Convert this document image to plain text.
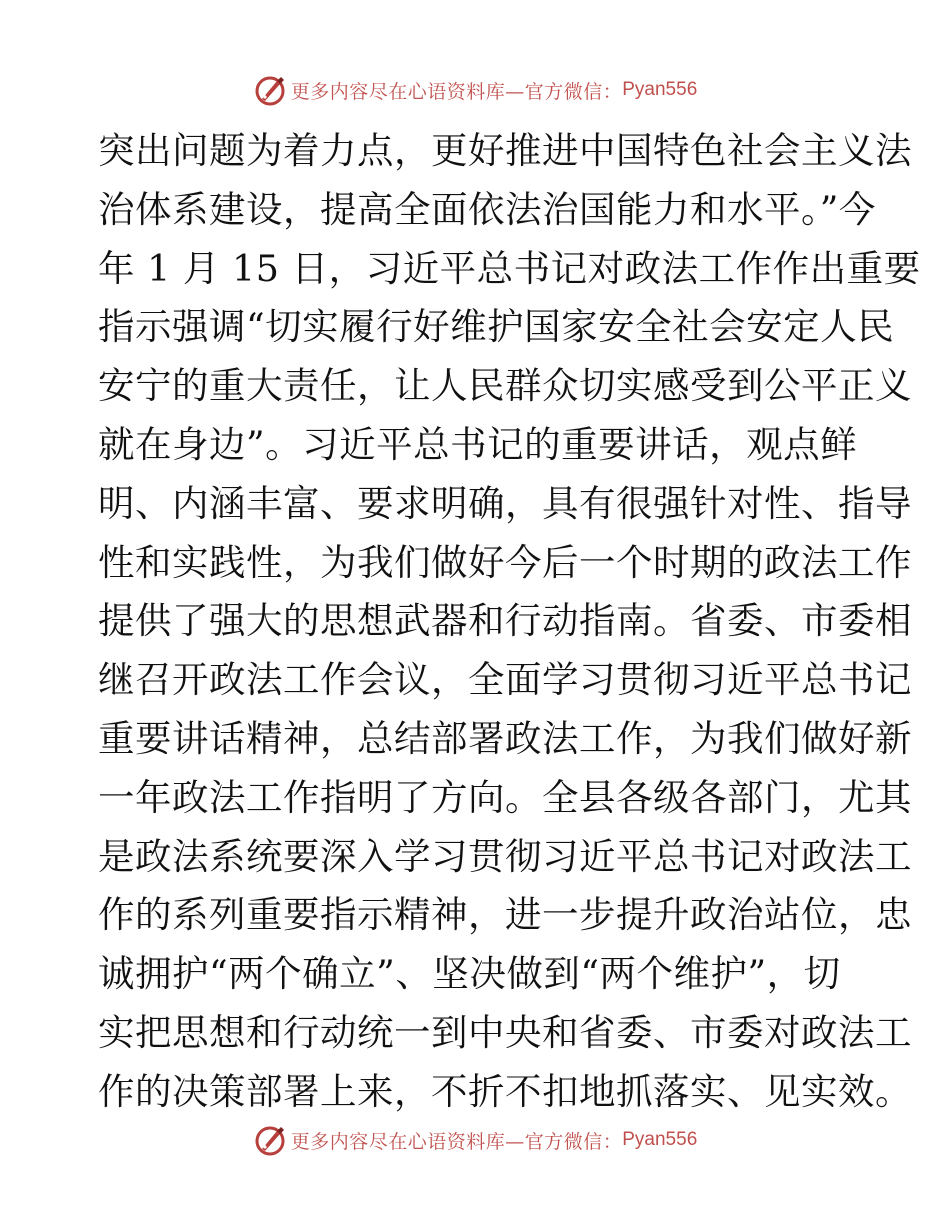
更多内容尽在心语资料库—官方微信： Pyan556
突出问题为着力点，更好推进中国特色社会主义法
治体系建设，提高全面依法治国能力和水平。”今
年 1 月 15 日，习近平总书记对政法工作作出重要
指示强调“切实履行好维护国家安全社会安定人民
安宁的重大责任，让人民群众切实感受到公平正义
就在身边”。习近平总书记的重要讲话，观点鲜
明、内涵丰富、要求明确，具有很强针对性、指导
性和实践性，为我们做好今后一个时期的政法工作
提供了强大的思想武器和行动指南。省委、市委相
继召开政法工作会议，全面学习贯彻习近平总书记
重要讲话精神，总结部署政法工作，为我们做好新
一年政法工作指明了方向。全县各级各部门，尤其
是政法系统要深入学习贯彻习近平总书记对政法工
作的系列重要指示精神，进一步提升政治站位，忠
诚拥护“两个确立”、坚决做到“两个维护”，切
实把思想和行动统一到中央和省委、市委对政法工
作的决策部署上来，不折不扣地抓落实、见实效。
更多内容尽在心语资料库—官方微信： Pyan556
